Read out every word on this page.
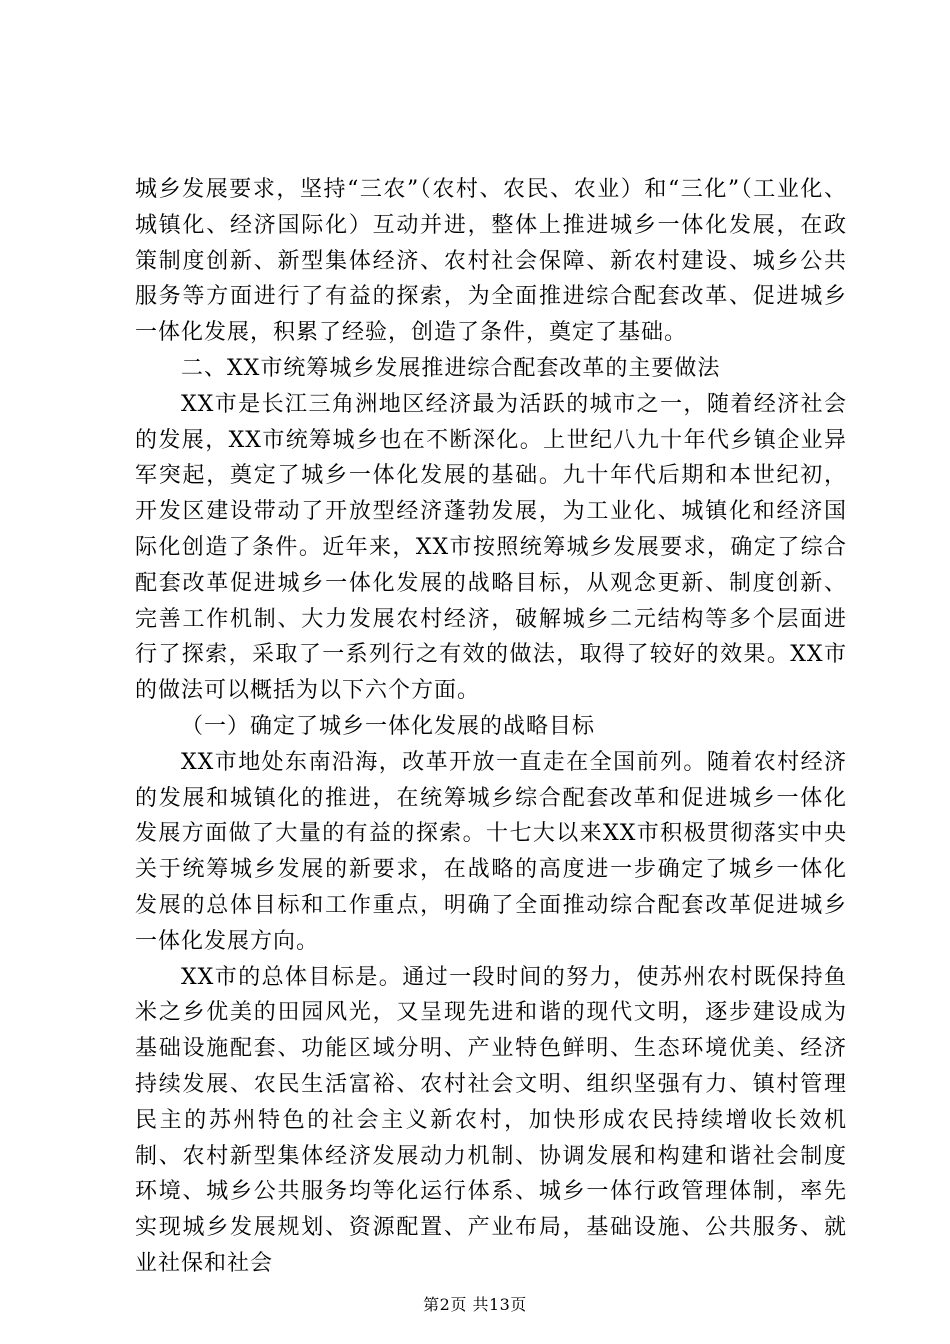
城乡发展要求，坚持“三农”（农村、农民、农业）和“三化”（工业化、城镇化、经济国际化）互动并进，整体上推进城乡一体化发展，在政策制度创新、新型集体经济、农村社会保障、新农村建设、城乡公共服务等方面进行了有益的探索，为全面推进综合配套改革、促进城乡一体化发展，积累了经验，创造了条件，奠定了基础。

二、XX市统筹城乡发展推进综合配套改革的主要做法

XX市是长江三角洲地区经济最为活跃的城市之一，随着经济社会的发展，XX市统筹城乡也在不断深化。上世纪八九十年代乡镇企业异军突起，奠定了城乡一体化发展的基础。九十年代后期和本世纪初，开发区建设带动了开放型经济蓬勃发展，为工业化、城镇化和经济国际化创造了条件。近年来，XX市按照统筹城乡发展要求，确定了综合配套改革促进城乡一体化发展的战略目标，从观念更新、制度创新、完善工作机制、大力发展农村经济，破解城乡二元结构等多个层面进行了探索，采取了一系列行之有效的做法，取得了较好的效果。XX市的做法可以概括为以下六个方面。

（一）确定了城乡一体化发展的战略目标

XX市地处东南沿海，改革开放一直走在全国前列。随着农村经济的发展和城镇化的推进，在统筹城乡综合配套改革和促进城乡一体化发展方面做了大量的有益的探索。十七大以来XX市积极贯彻落实中央关于统筹城乡发展的新要求，在战略的高度进一步确定了城乡一体化发展的总体目标和工作重点，明确了全面推动综合配套改革促进城乡一体化发展方向。

XX市的总体目标是。通过一段时间的努力，使苏州农村既保持鱼米之乡优美的田园风光，又呈现先进和谐的现代文明，逐步建设成为基础设施配套、功能区域分明、产业特色鲜明、生态环境优美、经济持续发展、农民生活富裕、农村社会文明、组织坚强有力、镇村管理民主的苏州特色的社会主义新农村，加快形成农民持续增收长效机制、农村新型集体经济发展动力机制、协调发展和构建和谐社会制度环境、城乡公共服务均等化运行体系、城乡一体行政管理体制，率先实现城乡发展规划、资源配置、产业布局，基础设施、公共服务、就业社保和社会

第2页 共13页
